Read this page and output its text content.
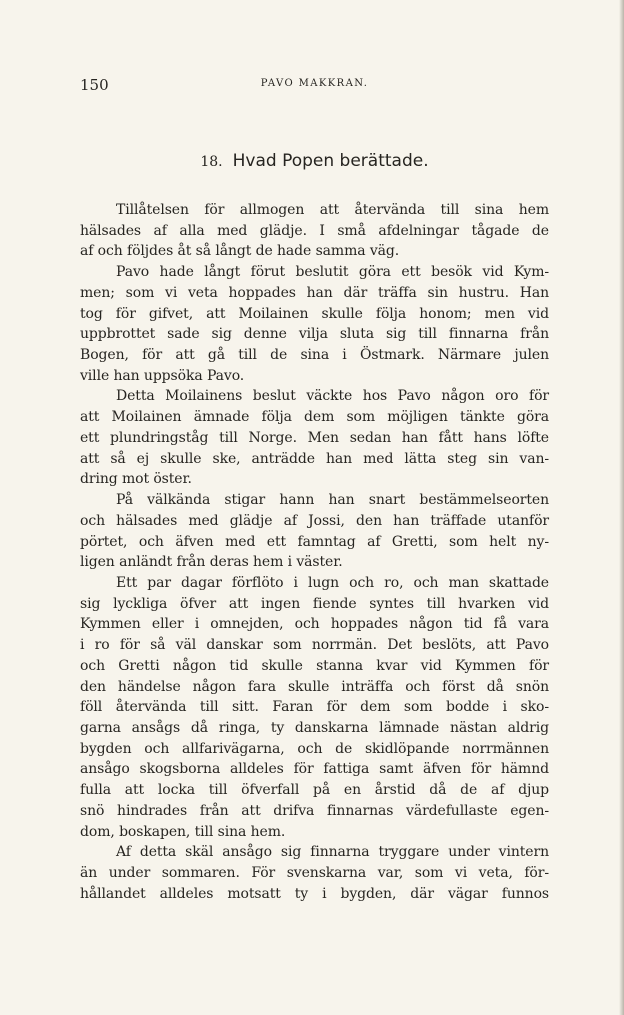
150	PAVO MAKKRAN.
18. Hvad Popen berättade.
Tillåtelsen för allmogen att återvända till sina hem
hälsades af alla med glädje. I små afdelningar tågade de
af och följdes åt så långt de hade samma väg.
Pavo hade långt förut beslutit göra ett besök vid Kym-
men; som vi veta hoppades han där träffa sin hustru. Han
tog för gifvet, att Moilainen skulle följa honom; men vid
uppbrottet sade sig denne vilja sluta sig till finnarna från
Bogen, för att gå till de sina i Östmark. Närmare julen
ville han uppsöka Pavo.
Detta Moilainens beslut väckte hos Pavo någon oro för
att Moilainen ämnade följa dem som möjligen tänkte göra
ett plundringståg till Norge. Men sedan han fått hans löfte
att så ej skulle ske, anträdde han med lätta steg sin van-
dring mot öster.
På välkända stigar hann han snart bestämmelseorten
och hälsades med glädje af Jossi, den han träffade utanför
pörtet, och äfven med ett famntag af Gretti, som helt ny-
ligen anländt från deras hem i väster.
Ett par dagar förflöto i lugn och ro, och man skattade
sig lyckliga öfver att ingen fiende syntes till hvarken vid
Kymmen eller i omnejden, och hoppades någon tid få vara
i ro för så väl danskar som norrmän. Det beslöts, att Pavo
och Gretti någon tid skulle stanna kvar vid Kymmen för
den händelse någon fara skulle inträffa och först då snön
föll återvända till sitt. Faran för dem som bodde i sko-
garna ansågs då ringa, ty danskarna lämnade nästan aldrig
bygden och allfarivägarna, och de skidlöpande norrmännen
ansågo skogsborna alldeles för fattiga samt äfven för hämnd
fulla att locka till öfverfall på en årstid då de af djup
snö hindrades från att drifva finnarnas värdefullaste egen-
dom, boskapen, till sina hem.
Af detta skäl ansågo sig finnarna tryggare under vintern
än under sommaren. För svenskarna var, som vi veta, för-
hållandet alldeles motsatt ty i bygden, där vägar funnos
